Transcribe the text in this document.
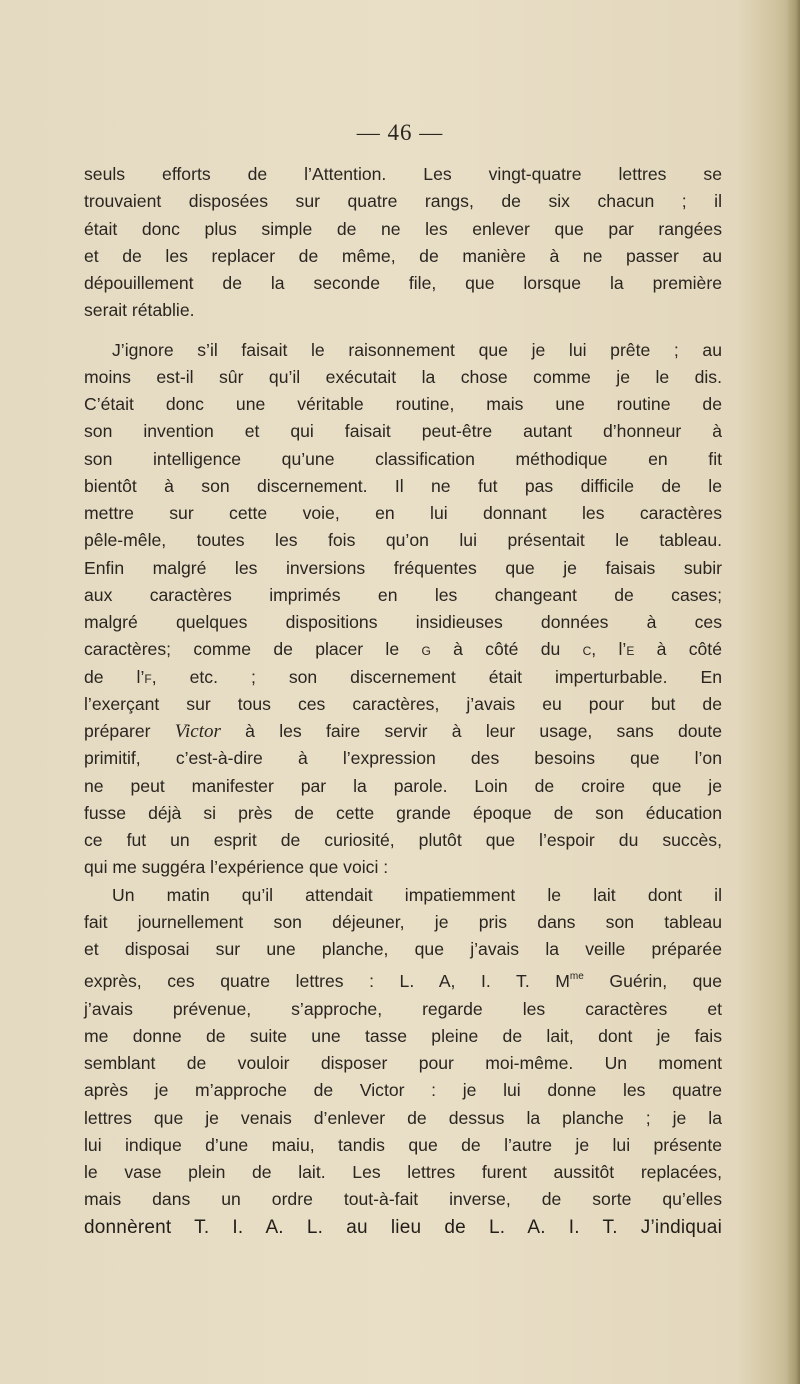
— 46 —

seuls efforts de l’Attention. Les vingt-quatre lettres se
trouvaient disposées sur quatre rangs, de six chacun ; il
était donc plus simple de ne les enlever que par rangées
et de les replacer de même, de manière à ne passer au
dépouillement de la seconde file, que lorsque la première
serait rétablie.

J’ignore s’il faisait le raisonnement que je lui prête ; au
moins est-il sûr qu’il exécutait la chose comme je le dis.
C’était donc une véritable routine, mais une routine de
son invention et qui faisait peut-être autant d’honneur à
son intelligence qu’une classification méthodique en fit
bientôt à son discernement. Il ne fut pas difficile de le
mettre sur cette voie, en lui donnant les caractères
pêle-mêle, toutes les fois qu’on lui présentait le tableau.
Enfin malgré les inversions fréquentes que je faisais subir
aux caractères imprimés en les changeant de cases;
malgré quelques dispositions insidieuses données à ces
caractères; comme de placer le g à côté du c, l’e à côté
de l’f, etc. ; son discernement était imperturbable. En
l’exerçant sur tous ces caractères, j’avais eu pour but de
préparer Victor à les faire servir à leur usage, sans doute
primitif, c’est-à-dire à l’expression des besoins que l’on
ne peut manifester par la parole. Loin de croire que je
fusse déjà si près de cette grande époque de son éducation
ce fut un esprit de curiosité, plutôt que l’espoir du succès,
qui me suggéra l’expérience que voici :

Un matin qu’il attendait impatiemment le lait dont il
fait journellement son déjeuner, je pris dans son tableau
et disposai sur une planche, que j’avais la veille préparée
exprès, ces quatre lettres : L. A, I. T. $M^{me}$ Guérin, que
j’avais prévenue, s’approche, regarde les caractères et
me donne de suite une tasse pleine de lait, dont je fais
semblant de vouloir disposer pour moi-même. Un moment
après je m’approche de Victor : je lui donne les quatre
lettres que je venais d’enlever de dessus la planche ; je la
lui indique d’une maiu, tandis que de l’autre je lui présente
le vase plein de lait. Les lettres furent aussitôt replacées,
mais dans un ordre tout-à-fait inverse, de sorte qu’elles
donnèrent T. I. A. L. au lieu de L. A. I. T. J’indiquai
